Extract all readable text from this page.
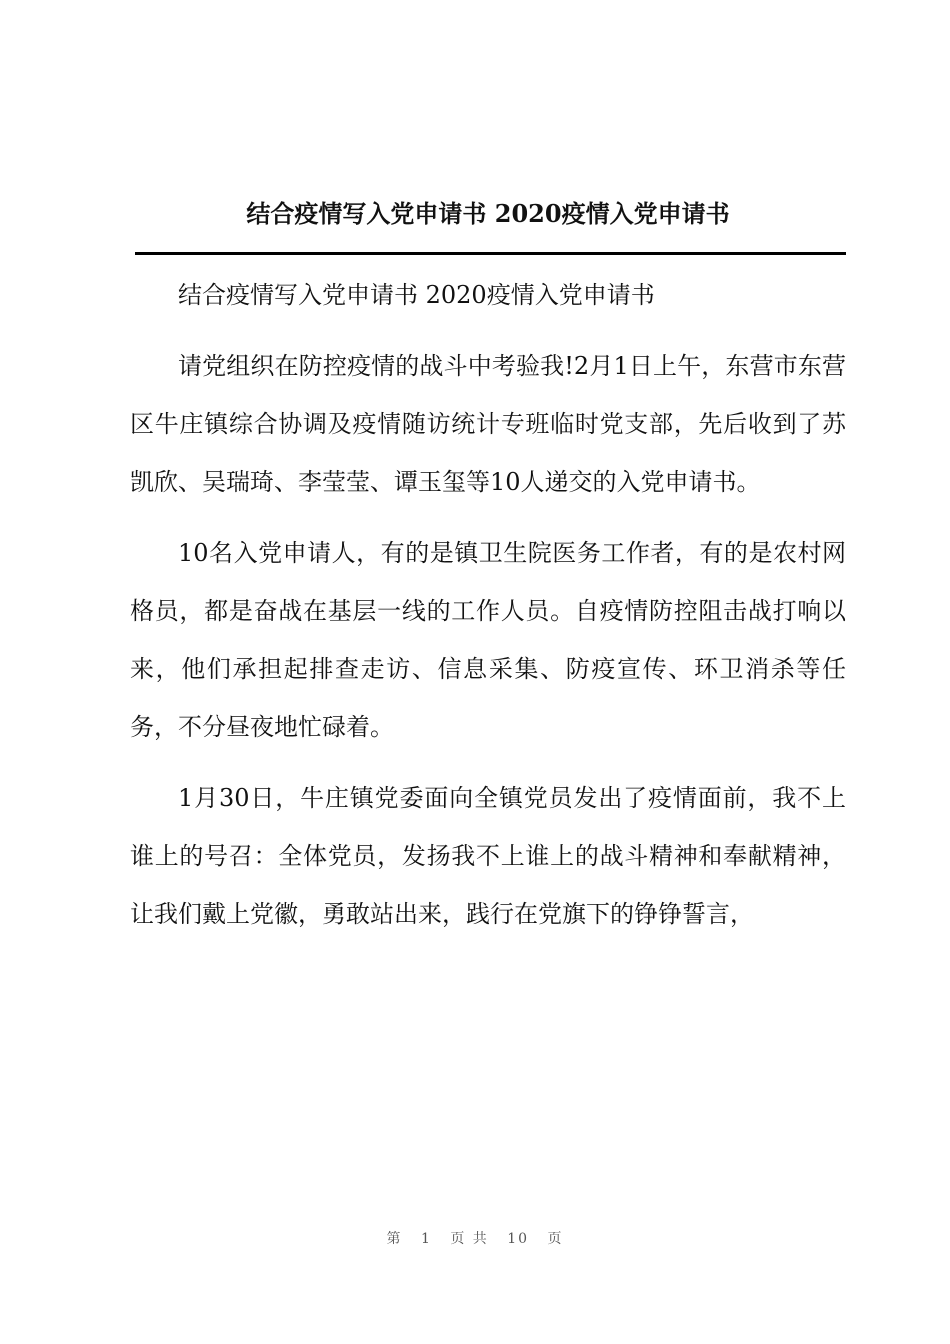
结合疫情写入党申请书 2020疫情入党申请书

结合疫情写入党申请书 2020疫情入党申请书

请党组织在防控疫情的战斗中考验我!2月1日上午，东营市东营区牛庄镇综合协调及疫情随访统计专班临时党支部，先后收到了苏凯欣、吴瑞琦、李莹莹、谭玉玺等10人递交的入党申请书。

10名入党申请人，有的是镇卫生院医务工作者，有的是农村网格员，都是奋战在基层一线的工作人员。自疫情防控阻击战打响以来，他们承担起排查走访、信息采集、防疫宣传、环卫消杀等任务，不分昼夜地忙碌着。

1月30日，牛庄镇党委面向全镇党员发出了疫情面前，我不上谁上的号召：全体党员，发扬我不上谁上的战斗精神和奉献精神，让我们戴上党徽，勇敢站出来，践行在党旗下的铮铮誓言，

第 1 页 共 10 页
